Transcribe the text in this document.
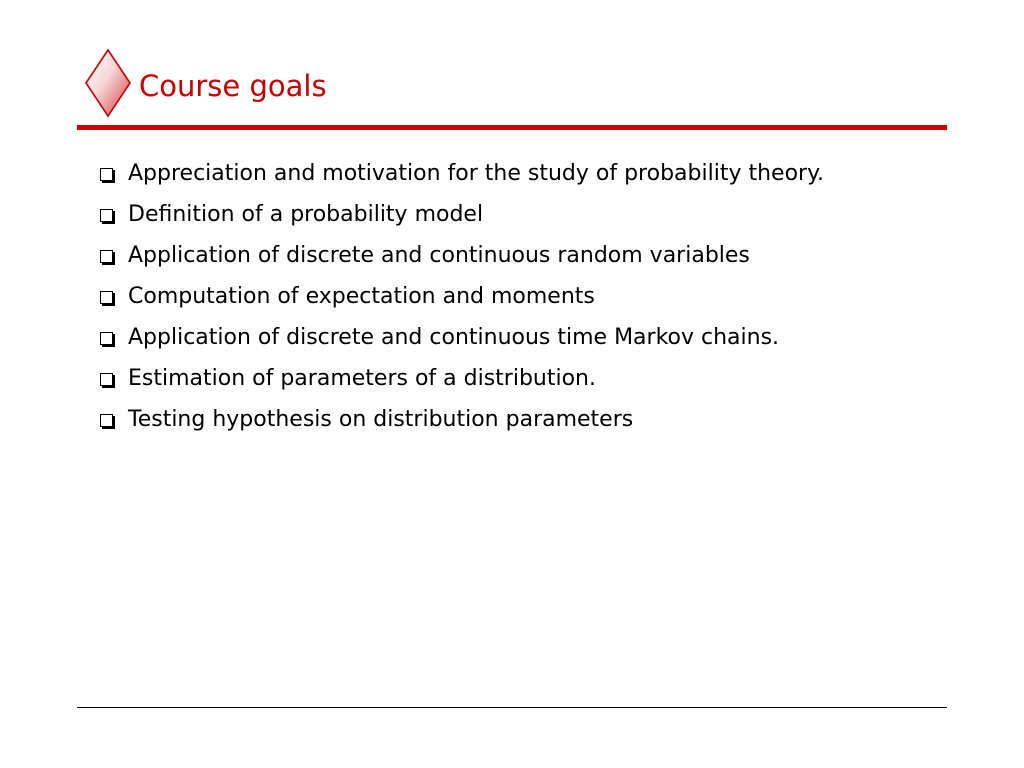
Course goals
Appreciation and motivation for the study of probability theory.
Definition of a probability model
Application of discrete and continuous random variables
Computation of expectation and moments
Application of discrete and continuous time Markov chains.
Estimation of parameters of a distribution.
Testing hypothesis on distribution parameters
